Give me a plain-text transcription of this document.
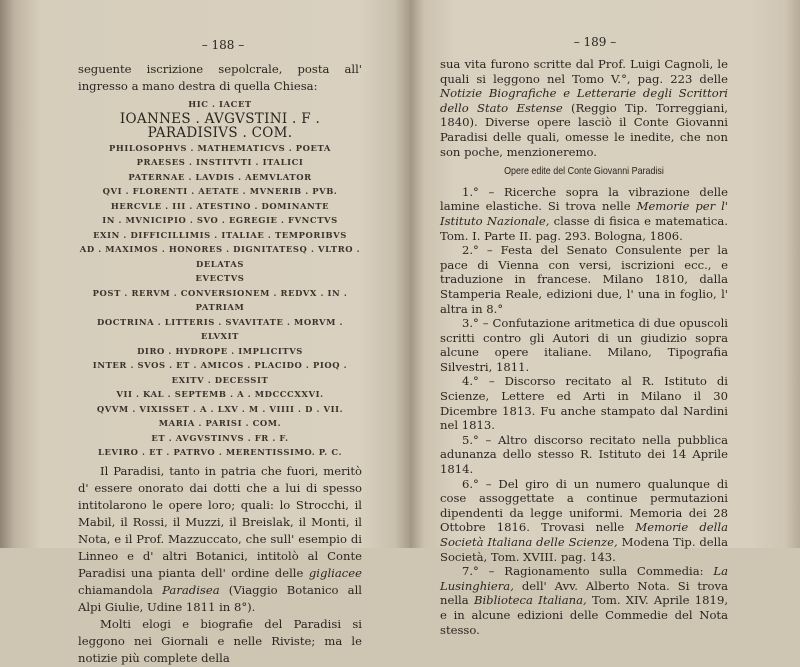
– 188 –

seguente iscrizione sepolcrale, posta all' ingresso a mano destra di quella Chiesa:

HIC . IACET
IOANNES . AVGVSTINI . F . PARADISIVS . COM.
PHILOSOPHVS . MATHEMATICVS . POETA
PRAESES . INSTITVTI . ITALICI
PATERNAE . LAVDIS . AEMVLATOR
QVI . FLORENTI . AETATE . MVNERIB . PVB.
HERCVLE . III . ATESTINO . DOMINANTE
IN . MVNICIPIO . SVO . EGREGIE . FVNCTVS
EXIN . DIFFICILLIMIS . ITALIAE . TEMPORIBVS
AD . MAXIMOS . HONORES . DIGNITATESQ . VLTRO . DELATAS
EVECTVS
POST . RERVM . CONVERSIONEM . REDVX . IN . PATRIAM
DOCTRINA . LITTERIS . SVAVITATE . MORVM . ELVXIT
DIRO . HYDROPE . IMPLICITVS
INTER . SVOS . ET . AMICOS . PLACIDO . PIOQ . EXITV . DECESSIT
VII . KAL . SEPTEMB . A . MDCCCXXVI.
QVVM . VIXISSET . A . LXV . M . VIIII . D . VII.
MARIA . PARISI . COM.
ET . AVGVSTINVS . FR . F.
LEVIRO . ET . PATRVO . MERENTISSIMO. P. C.

Il Paradisi, tanto in patria che fuori, meritò d' essere onorato dai dotti che a lui di spesso intitolarono le opere loro; quali: lo Strocchi, il Mabil, il Rossi, il Muzzi, il Breislak, il Monti, il Nota, e il Prof. Mazzuccato, che sull' esempio di Linneo e d' altri Botanici, intitolò al Conte Paradisi una pianta dell' ordine delle gigliacee chiamandola Paradisea (Viaggio Botanico all Alpi Giulie, Udine 1811 in 8°).

Molti elogi e biografie del Paradisi si leggono nei Giornali e nelle Riviste; ma le notizie più complete della

– 189 –

sua vita furono scritte dal Prof. Luigi Cagnoli, le quali si leggono nel Tomo V.°, pag. 223 delle Notizie Biografiche e Letterarie degli Scrittori dello Stato Estense (Reggio Tip. Torreggiani, 1840). Diverse opere lasciò il Conte Giovanni Paradisi delle quali, omesse le inedite, che non son poche, menzioneremo.

Opere edite del Conte Giovanni Paradisi

1.° – Ricerche sopra la vibrazione delle lamine elastiche. Si trova nelle Memorie per l' Istituto Nazionale, classe di fisica e matematica. Tom. I. Parte II. pag. 293. Bologna, 1806.

2.° – Festa del Senato Consulente per la pace di Vienna con versi, iscrizioni ecc., e traduzione in francese. Milano 1810, dalla Stamperia Reale, edizioni due, l' una in foglio, l' altra in 8.°

3.° – Confutazione aritmetica di due opuscoli scritti contro gli Autori di un giudizio sopra alcune opere italiane. Milano, Tipografia Silvestri, 1811.

4.° – Discorso recitato al R. Istituto di Scienze, Lettere ed Arti in Milano il 30 Dicembre 1813. Fu anche stampato dal Nardini nel 1813.

5.° – Altro discorso recitato nella pubblica adunanza dello stesso R. Istituto dei 14 Aprile 1814.

6.° – Del giro di un numero qualunque di cose assoggettate a continue permutazioni dipendenti da legge uniformi. Memoria dei 28 Ottobre 1816. Trovasi nelle Memorie della Società Italiana delle Scienze, Modena Tip. della Società, Tom. XVIII. pag. 143.

7.° – Ragionamento sulla Commedia: La Lusinghiera, dell' Avv. Alberto Nota. Si trova nella Biblioteca Italiana, Tom. XIV. Aprile 1819, e in alcune edizioni delle Commedie del Nota stesso.
